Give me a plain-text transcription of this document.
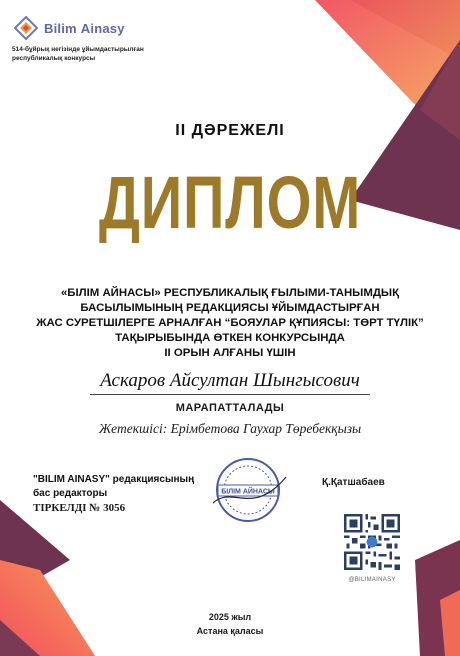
Bilim Ainasy
514-бұйрық негізінде ұйымдастырылған
республикалық конкурсы
II ДӘРЕЖЕЛІ
ДИПЛОМ
«БІЛІМ АЙНАСЫ» РЕСПУБЛИКАЛЫҚ ҒЫЛЫМИ-ТАНЫМДЫҚ
БАСЫЛЫМЫНЫҢ РЕДАКЦИЯСЫ ҰЙЫМДАСТЫРҒАН
ЖАС СУРЕТШІЛЕРГЕ АРНАЛҒАН “БОЯУЛАР ҚҰПИЯСЫ: ТӨРТ ТҮЛІК”
ТАҚЫРЫБЫНДА ӨТКЕН КОНКУРСЫНДА
II ОРЫН АЛҒАНЫ ҮШІН
Аскаров Айсултан Шынгысович
МАРАПАТТАЛАДЫ
Жетекшісі: Ерімбетова Гаухар Төребекқызы
"BILIM AINASY" редакциясының
бас редакторы
ТІРКЕЛДІ № 3056
БІЛІМ АЙНАСЫ
Қ.Қатшабаев
@BILIMAINASY
2025 жыл
Астана қаласы
